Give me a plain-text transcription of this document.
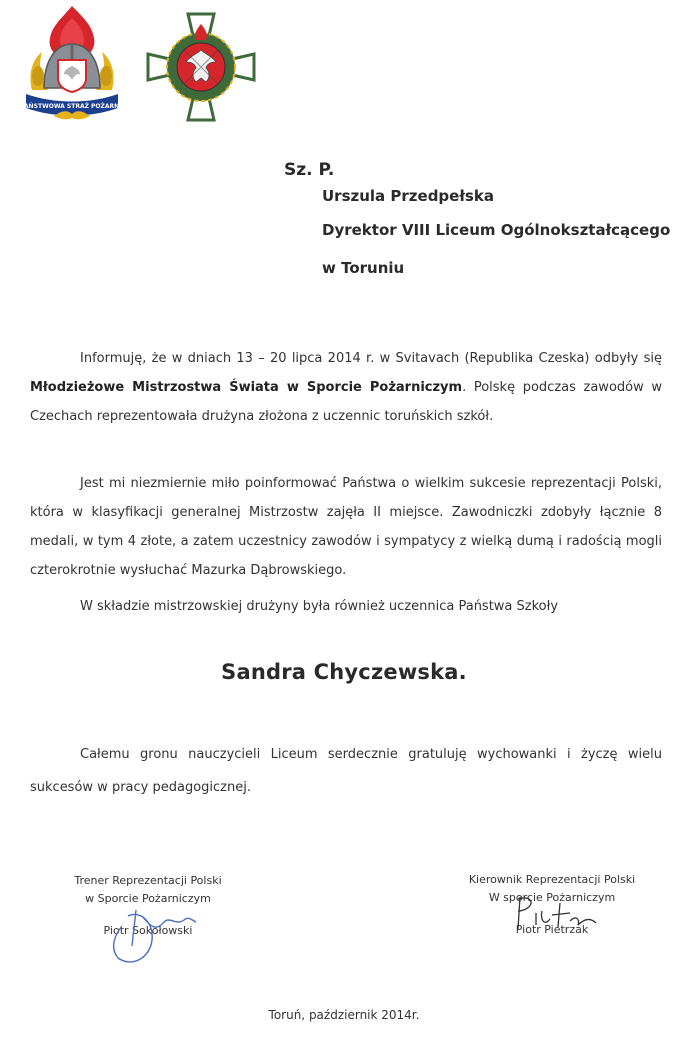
PAŃSTWOWA STRAŻ POŻARNA
Sz. P.
Urszula Przedpełska
Dyrektor VIII Liceum Ogólnokształcącego
w Toruniu

Informuję, że w dniach 13 – 20 lipca 2014 r. w Svitavach (Republika Czeska) odbyły się Młodzieżowe Mistrzostwa Świata w Sporcie Pożarniczym. Polskę podczas zawodów w Czechach reprezentowała drużyna złożona z uczennic toruńskich szkół.

Jest mi niezmiernie miło poinformować Państwa o wielkim sukcesie reprezentacji Polski, która w klasyfikacji generalnej Mistrzostw zajęła II miejsce. Zawodniczki zdobyły łącznie 8 medali, w tym 4 złote, a zatem uczestnicy zawodów i sympatycy z wielką dumą i radością mogli czterokrotnie wysłuchać Mazurka Dąbrowskiego.

W składzie mistrzowskiej drużyny była również uczennica Państwa Szkoły

Sandra Chyczewska.

Całemu gronu nauczycieli Liceum serdecznie gratuluję wychowanki i życzę wielu sukcesów w pracy pedagogicznej.

Trener Reprezentacji Polski
w Sporcie Pożarniczym
Piotr Sokołowski
Kierownik Reprezentacji Polski
W sporcie Pożarniczym
Piotr Pietrzak
Toruń, październik 2014r.
